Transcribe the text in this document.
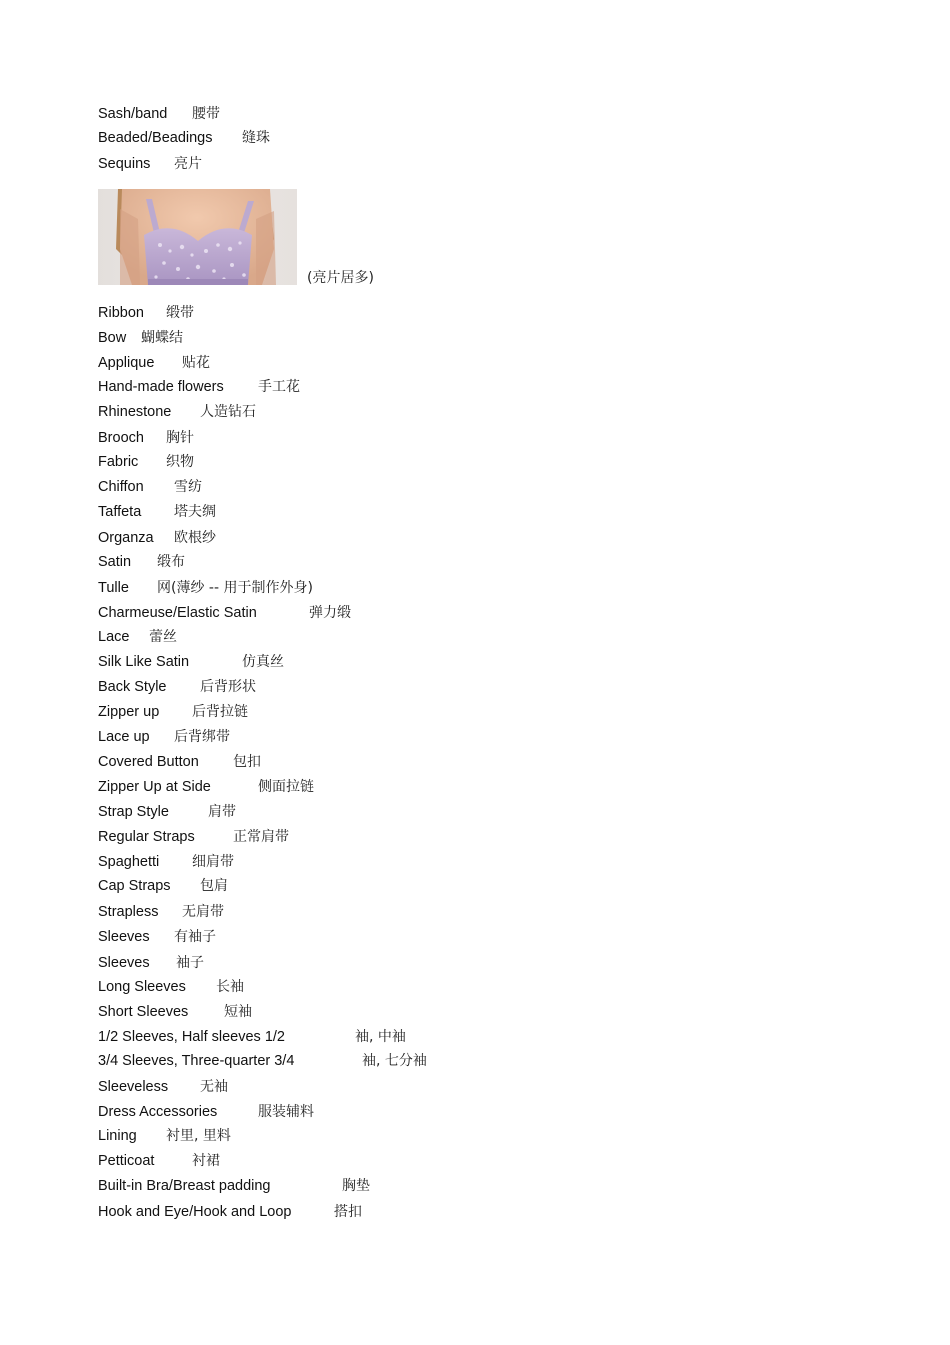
Sash/band 腰带
Beaded/Beadings 缝珠
Sequins 亮片
(亮片居多)
Ribbon 缎带
Bow 蝴蝶结
Applique 贴花
Hand-made flowers 手工花
Rhinestone 人造钻石
Brooch 胸针
Fabric 织物
Chiffon 雪纺
Taffeta 塔夫绸
Organza 欧根纱
Satin 缎布
Tulle 网(薄纱 -- 用于制作外身)
Charmeuse/Elastic Satin	弹力缎
Lace 蕾丝
Silk Like Satin	仿真丝
Back Style 后背形状
Zipper up 后背拉链
Lace up 后背绑带
Covered Button 包扣
Zipper Up at Side	侧面拉链
Strap Style	肩带
Regular Straps	正常肩带
Spaghetti 细肩带
Cap Straps 包肩
Strapless 无肩带
Sleeves 有袖子
Sleeves 袖子
Long Sleeves 长袖
Short Sleeves	短袖
1/2 Sleeves, Half sleeves 1/2	袖, 中袖
3/4 Sleeves, Three-quarter 3/4	袖, 七分袖
Sleeveless 无袖
Dress Accessories	服装辅料
Lining 衬里, 里料
Petticoat	衬裙
Built-in Bra/Breast padding	胸垫
Hook and Eye/Hook and Loop	搭扣
